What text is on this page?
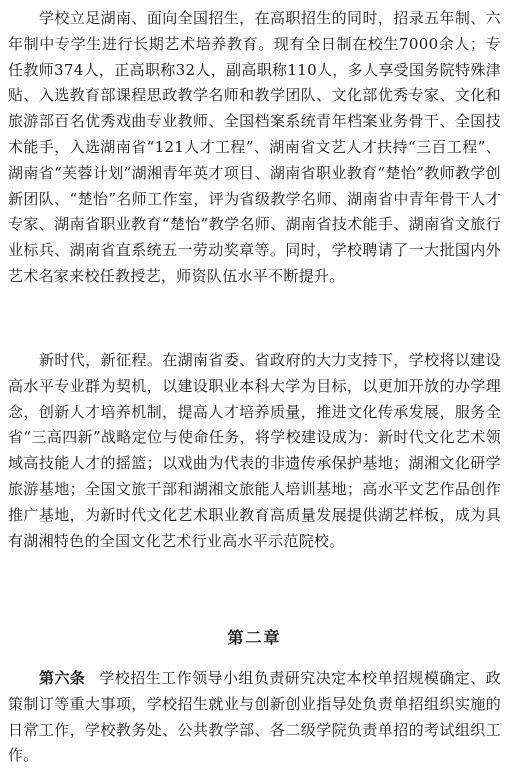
学校立足湖南、面向全国招生，在高职招生的同时，招录五年制、六年制中专学生进行长期艺术培养教育。现有全日制在校生7000余人；专任教师374人，正高职称32人，副高职称110人，多人享受国务院特殊津贴、入选教育部课程思政教学名师和教学团队、文化部优秀专家、文化和旅游部百名优秀戏曲专业教师、全国档案系统青年档案业务骨干、全国技术能手，入选湖南省“121人才工程”、湖南省文艺人才扶持“三百工程”、湖南省“芙蓉计划”湖湘青年英才项目、湖南省职业教育“楚怡”教师教学创新团队、“楚怡”名师工作室，评为省级教学名师、湖南省中青年骨干人才专家、湖南省职业教育“楚怡”教学名师、湖南省技术能手、湖南省文旅行业标兵、湖南省直系统五一劳动奖章等。同时，学校聘请了一大批国内外艺术名家来校任教授艺，师资队伍水平不断提升。

新时代，新征程。在湖南省委、省政府的大力支持下，学校将以建设高水平专业群为契机，以建设职业本科大学为目标，以更加开放的办学理念，创新人才培养机制，提高人才培养质量，推进文化传承发展，服务全省“三高四新”战略定位与使命任务，将学校建设成为：新时代文化艺术领域高技能人才的摇篮；以戏曲为代表的非遗传承保护基地；湖湘文化研学旅游基地；全国文旅干部和湖湘文旅能人培训基地；高水平文艺作品创作推广基地，为新时代文化艺术职业教育高质量发展提供湖艺样板，成为具有湖湘特色的全国文化艺术行业高水平示范院校。

第二章

第六条 学校招生工作领导小组负责研究决定本校单招规模确定、政策制订等重大事项，学校招生就业与创新创业指导处负责单招组织实施的日常工作，学校教务处、公共教学部、各二级学院负责单招的考试组织工作。
